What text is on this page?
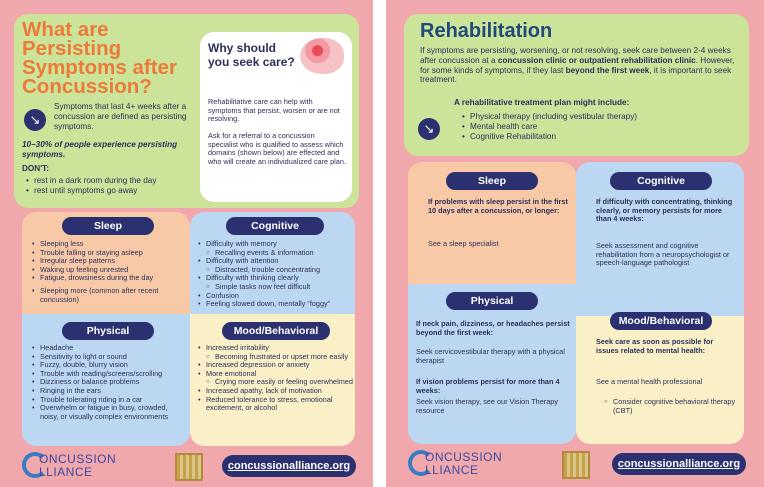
What are Persisting Symptoms after Concussion?
↘
Symptoms that last 4+ weeks after a concussion are defined as persisting symptoms.
10–30% of people experience persisting symptoms.
DON'T:
• rest in a dark room during the day
• rest until symptoms go away
Why should you seek care?
Rehabilitative care can help with symptoms that persist, worsen or are not resolving.
Ask for a referral to a concussion specialist who is qualified to assess which domains (shown below) are effected and who will create an individualized care plan.
• Sleeping less
• Trouble falling or staying asleep
• Irregular sleep patterns
• Waking up feeling unrested
• Fatigue, drowsiness during the day
• Sleeping more (common after recent concussion)
• Difficulty with memory
○ Recalling events & information
• Difficulty with attention
○ Distracted, trouble concentrating
• Difficulty with thinking clearly
○ Simple tasks now feel difficult
• Confusion
• Feeling slowed down, mentally “foggy”
• Headache
• Sensitivity to light or sound
• Fuzzy, double, blurry vision
• Trouble with reading/screens/scrolling
• Dizziness or balance problems
• Ringing in the ears
• Trouble tolerating riding in a car
• Overwhelm or fatigue in busy, crowded, noisy, or visually complex environments
• Increased irritability
○ Becoming frustrated or upset more easily
• Increased depression or anxiety
• More emotional
○ Crying more easily or feeling overwhelmed
• Increased apathy, lack of motivation
• Reduced tolerance to stress, emotional excitement, or alcohol
Sleep	Cognitive
Physical	Mood/Behavioral
ONCUSSION
LLIANCE	concussionalliance.org
Rehabilitation
If symptoms are persisting, worsening, or not resolving, seek care between 2-4 weeks after concussion at a concussion clinic or outpatient rehabilitation clinic. However, for some kinds of symptoms, if they last beyond the first week, it is important to seek treatment.
A rehabilitative treatment plan might include:
↘
• Physical therapy (including vestibular therapy)
• Mental health care
• Cognitive Rehabilitation
If problems with sleep persist in the first 10 days after a concussion, or longer:
See a sleep specialist
If difficulty with concentrating, thinking clearly, or memory persists for more than 4 weeks:
Seek assessment and cognitive rehabilitation from a neuropsychologist or speech-language pathologist
If neck pain, dizziness, or headaches persist beyond the first week:
Seek cervicovestibular therapy with a physical therapist
If vision problems persist for more than 4 weeks:
Seek vision therapy, see our Vision Therapy resource
Seek care as soon as possible for issues related to mental health:
See a mental health professional
○ Consider cognitive behavioral therapy (CBT)
Sleep	Cognitive
Physical
Mood/Behavioral
ONCUSSION
LLIANCE	concussionalliance.org
